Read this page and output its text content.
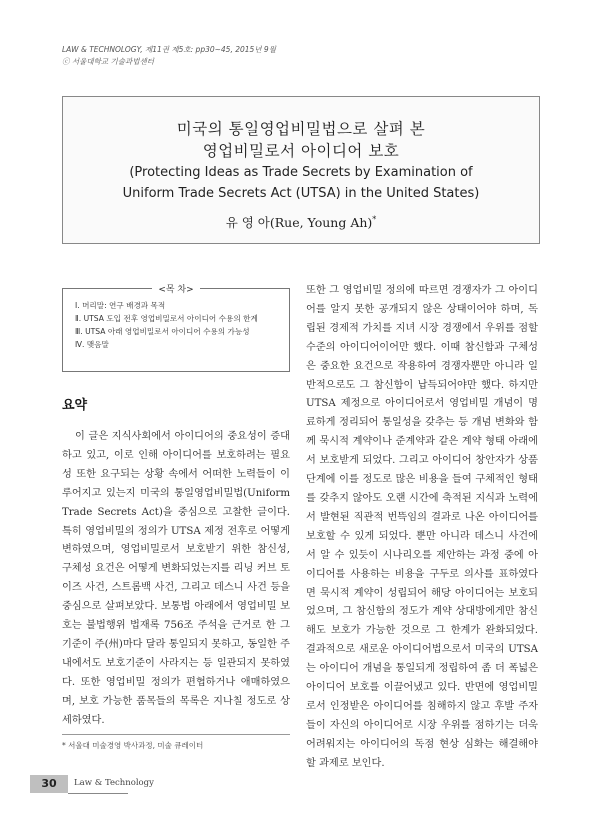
LAW & TECHNOLOGY, 제11권 제5호: pp30~45, 2015년 9월
ⓒ 서울대학교 기술과법센터
미국의 통일영업비밀법으로 살펴 본
영업비밀로서 아이디어 보호
(Protecting Ideas as Trade Secrets by Examination of
Uniform Trade Secrets Act (UTSA) in the United States)
유 영 아(Rue, Young Ah)*
<목 차>
Ⅰ. 머리말: 연구 배경과 목적
Ⅱ. UTSA 도입 전후 영업비밀로서 아이디어 수용의 한계
Ⅲ. UTSA 아래 영업비밀로서 아이디어 수용의 가능성
Ⅳ. 맺음말
요약

이 글은 지식사회에서 아이디어의 중요성이 증대하고 있고, 이로 인해 아이디어를 보호하려는 필요성 또한 요구되는 상황 속에서 어떠한 노력들이 이루어지고 있는지 미국의 통일영업비밀법(Uniform Trade Secrets Act)을 중심으로 고찰한 글이다. 특히 영업비밀의 정의가 UTSA 제정 전후로 어떻게 변하였으며, 영업비밀로서 보호받기 위한 참신성, 구체성 요건은 어떻게 변화되었는지를 리닝 커브 토이즈 사건, 스트롬백 사건, 그리고 데스니 사건 등을 중심으로 살펴보았다. 보통법 아래에서 영업비밀 보호는 불법행위 법재록 756조 주석을 근거로 한 그 기준이 주(州)마다 달라 통일되지 못하고, 동일한 주 내에서도 보호기준이 사라지는 등 일관되지 못하였다. 또한 영업비밀 정의가 편협하거나 애매하였으며, 보호 가능한 품목들의 목록은 지나칠 정도로 상세하였다.

또한 그 영업비밀 정의에 따르면 경쟁자가 그 아이디어를 알지 못한 공개되지 않은 상태이어야 하며, 독립된 경제적 가치를 지녀 시장 경쟁에서 우위를 점할 수준의 아이디어이어만 했다. 이때 참신함과 구체성은 중요한 요건으로 작용하여 경쟁자뿐만 아니라 일반적으로도 그 참신함이 납득되어야만 했다. 하지만 UTSA 제정으로 아이디어로서 영업비밀 개념이 명료하게 정리되어 통일성을 갖추는 등 개념 변화와 함께 묵시적 계약이나 준계약과 같은 계약 형태 아래에서 보호받게 되었다. 그리고 아이디어 창안자가 상품 단계에 이를 정도로 많은 비용을 들여 구체적인 형태를 갖추지 않아도 오랜 시간에 축적된 지식과 노력에서 발현된 직관적 번뜩임의 결과로 나온 아이디어를 보호할 수 있게 되었다. 뿐만 아니라 데스니 사건에서 알 수 있듯이 시나리오를 제안하는 과정 중에 아이디어를 사용하는 비용을 구두로 의사를 표하였다면 묵시적 계약이 성립되어 해당 아이디어는 보호되었으며, 그 참신함의 정도가 계약 상대방에게만 참신해도 보호가 가능한 것으로 그 한계가 완화되었다. 결과적으로 새로운 아이디어법으로서 미국의 UTSA는 아이디어 개념을 통일되게 정립하여 좀 더 폭넓은 아이디어 보호를 이끌어냈고 있다. 반면에 영업비밀로서 인정받은 아이디어를 침해하지 않고 후발 주자들이 자신의 아이디어로 시장 우위를 점하기는 더욱 어려워지는 아이디어의 독점 현상 심화는 해결해야 할 과제로 보인다.

* 서울대 미술경영 박사과정, 미술 큐레이터
30	Law & Technology
